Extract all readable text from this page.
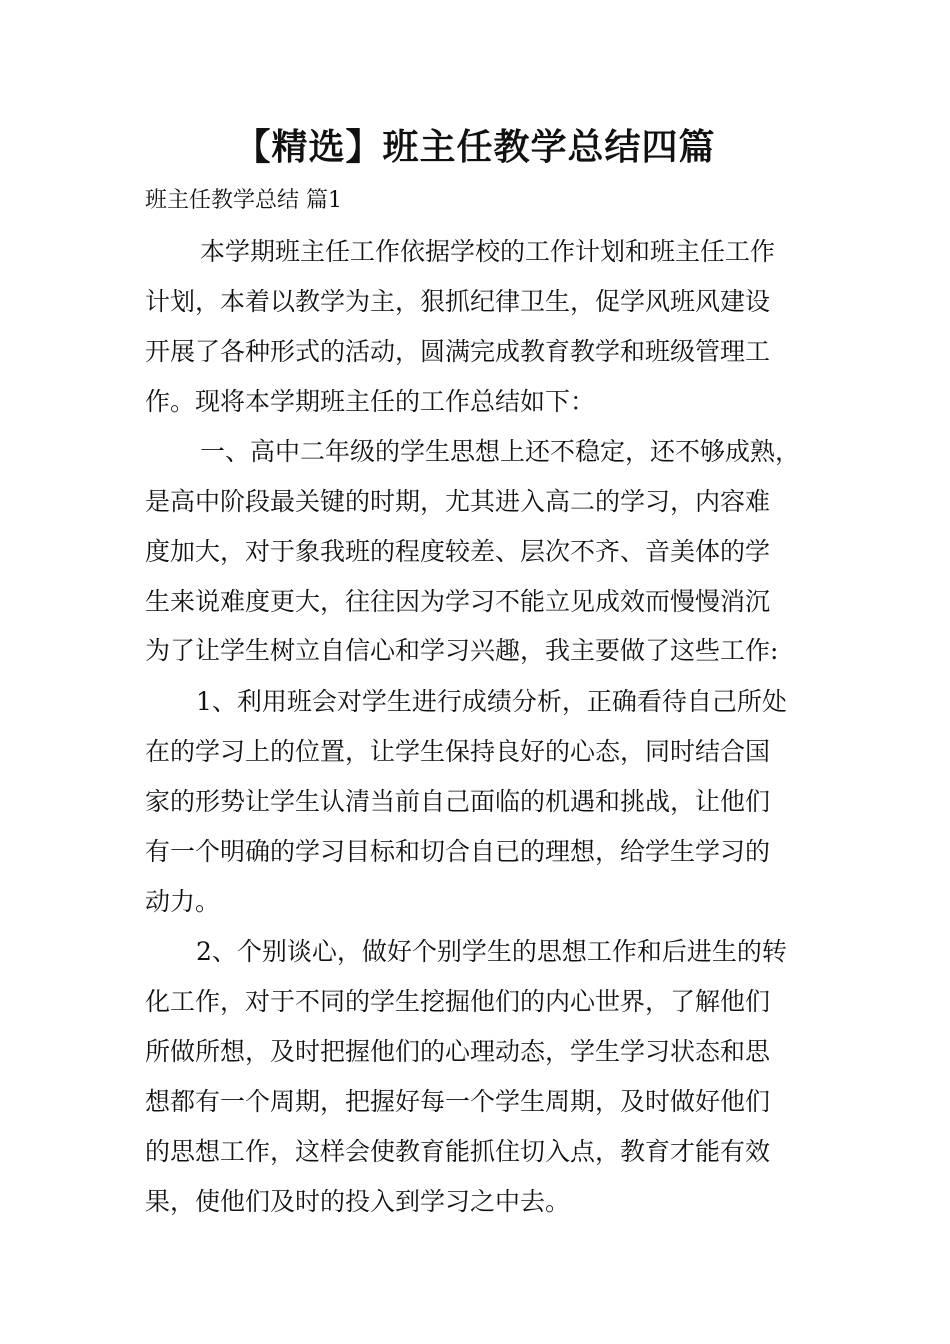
【精选】班主任教学总结四篇

班主任教学总结 篇1

本学期班主任工作依据学校的工作计划和班主任工作

计划，本着以教学为主，狠抓纪律卫生，促学风班风建设

开展了各种形式的活动，圆满完成教育教学和班级管理工

作。现将本学期班主任的工作总结如下：

一、高中二年级的学生思想上还不稳定，还不够成熟，

是高中阶段最关键的时期，尤其进入高二的学习，内容难

度加大，对于象我班的程度较差、层次不齐、音美体的学

生来说难度更大，往往因为学习不能立见成效而慢慢消沉

为了让学生树立自信心和学习兴趣，我主要做了这些工作:

1、利用班会对学生进行成绩分析，正确看待自己所处

在的学习上的位置，让学生保持良好的心态，同时结合国

家的形势让学生认清当前自己面临的机遇和挑战，让他们

有一个明确的学习目标和切合自已的理想，给学生学习的

动力。

2、个别谈心，做好个别学生的思想工作和后进生的转

化工作，对于不同的学生挖掘他们的内心世界，了解他们

所做所想，及时把握他们的心理动态，学生学习状态和思

想都有一个周期，把握好每一个学生周期，及时做好他们

的思想工作，这样会使教育能抓住切入点，教育才能有效

果，使他们及时的投入到学习之中去。
